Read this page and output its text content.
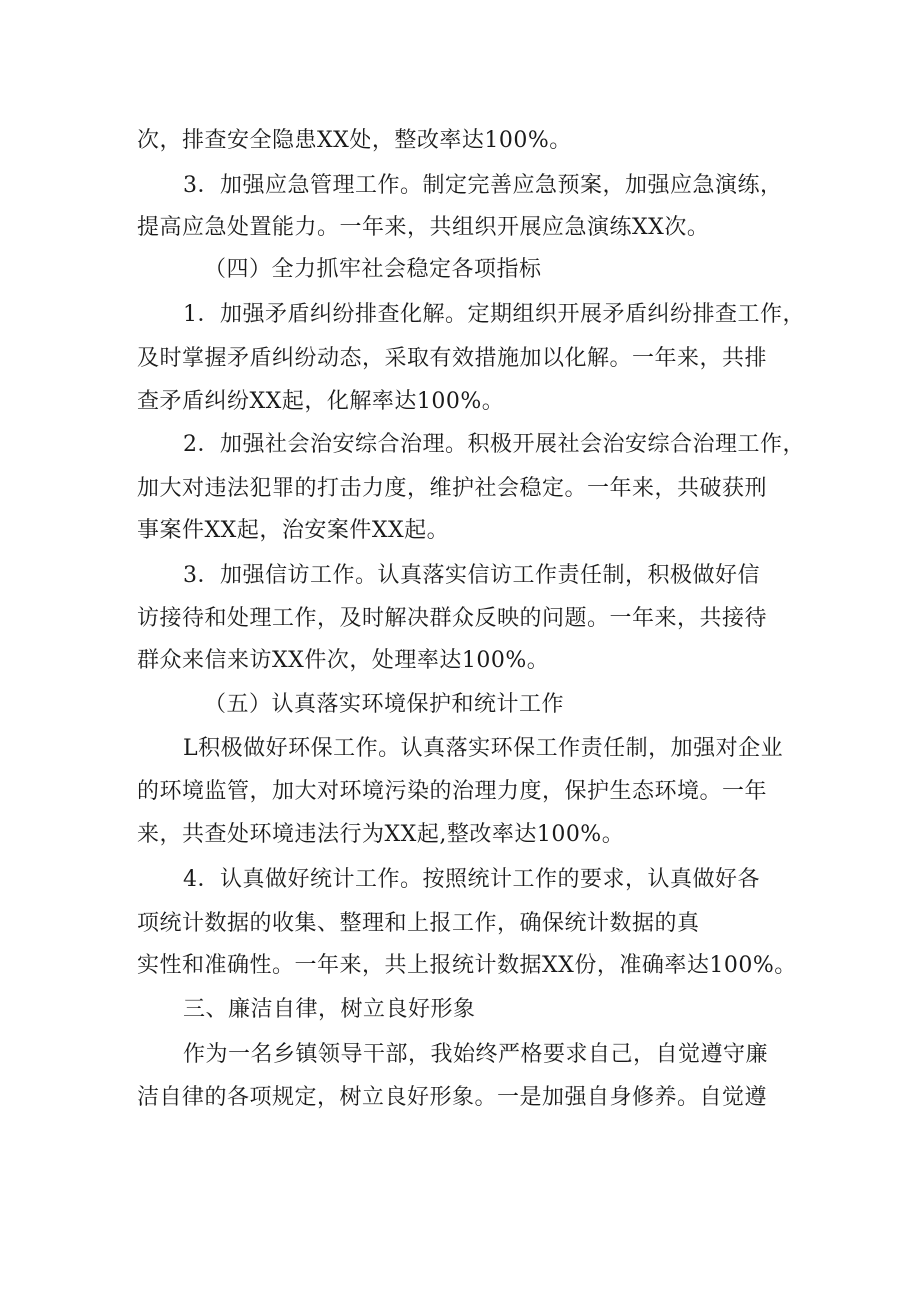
次，排查安全隐患XX处，整改率达100%。
3．加强应急管理工作。制定完善应急预案，加强应急演练，
提高应急处置能力。一年来，共组织开展应急演练XX次。
（四）全力抓牢社会稳定各项指标
1．加强矛盾纠纷排查化解。定期组织开展矛盾纠纷排查工作，
及时掌握矛盾纠纷动态，采取有效措施加以化解。一年来，共排
查矛盾纠纷XX起，化解率达100%。
2．加强社会治安综合治理。积极开展社会治安综合治理工作，
加大对违法犯罪的打击力度，维护社会稳定。一年来，共破获刑
事案件XX起，治安案件XX起。
3．加强信访工作。认真落实信访工作责任制，积极做好信
访接待和处理工作，及时解决群众反映的问题。一年来，共接待
群众来信来访XX件次，处理率达100%。
（五）认真落实环境保护和统计工作
L积极做好环保工作。认真落实环保工作责任制，加强对企业
的环境监管，加大对环境污染的治理力度，保护生态环境。一年
来，共查处环境违法行为XX起,整改率达100%。
4．认真做好统计工作。按照统计工作的要求，认真做好各
项统计数据的收集、整理和上报工作，确保统计数据的真
实性和准确性。一年来，共上报统计数据XX份，准确率达100%。
三、廉洁自律，树立良好形象
作为一名乡镇领导干部，我始终严格要求自己，自觉遵守廉
洁自律的各项规定，树立良好形象。一是加强自身修养。自觉遵
